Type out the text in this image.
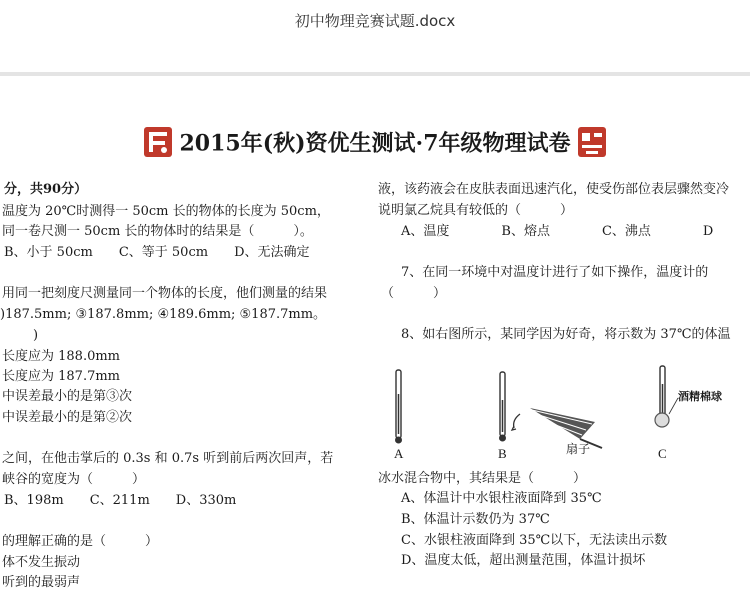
初中物理竞赛试题.docx
2015年(秋)资优生测试·7年级物理试卷
分，共90分）
温度为 20℃时测得一 50cm 长的物体的长度为 50cm，
同一卷尺测一 50cm 长的物体时的结果是（　　　）。
B、小于 50cm　　C、等于 50cm　　D、无法确定
用同一把刻度尺测量同一个物体的长度，他们测量的结果
)187.5mm; ③187.8mm; ④189.6mm; ⑤187.7mm。
　)
长度应为 188.0mm
长度应为 187.7mm
中误差最小的是第③次
中误差最小的是第②次
之间，在他击掌后的 0.3s 和 0.7s 听到前后两次回声，若
峡谷的宽度为（　　　）
B、198m　　C、211m　　D、330m
的理解正确的是（　　　）
体不发生振动
听到的最弱声
液，该药液会在皮肤表面迅速汽化，使受伤部位表层骤然变冷
说明氯乙烷具有较低的（　　　）
A、温度　　　　B、熔点　　　　C、沸点　　　　D
7、在同一环境中对温度计进行了如下操作，温度计的
（　　　）
8、如右图所示，某同学因为好奇，将示数为 37℃的体温
A	B	C
扇子
酒精棉球
冰水混合物中，其结果是（　　　）
A、体温计中水银柱液面降到 35℃
B、体温计示数仍为 37℃
C、水银柱液面降到 35℃以下，无法读出示数
D、温度太低，超出测量范围，体温计损坏
